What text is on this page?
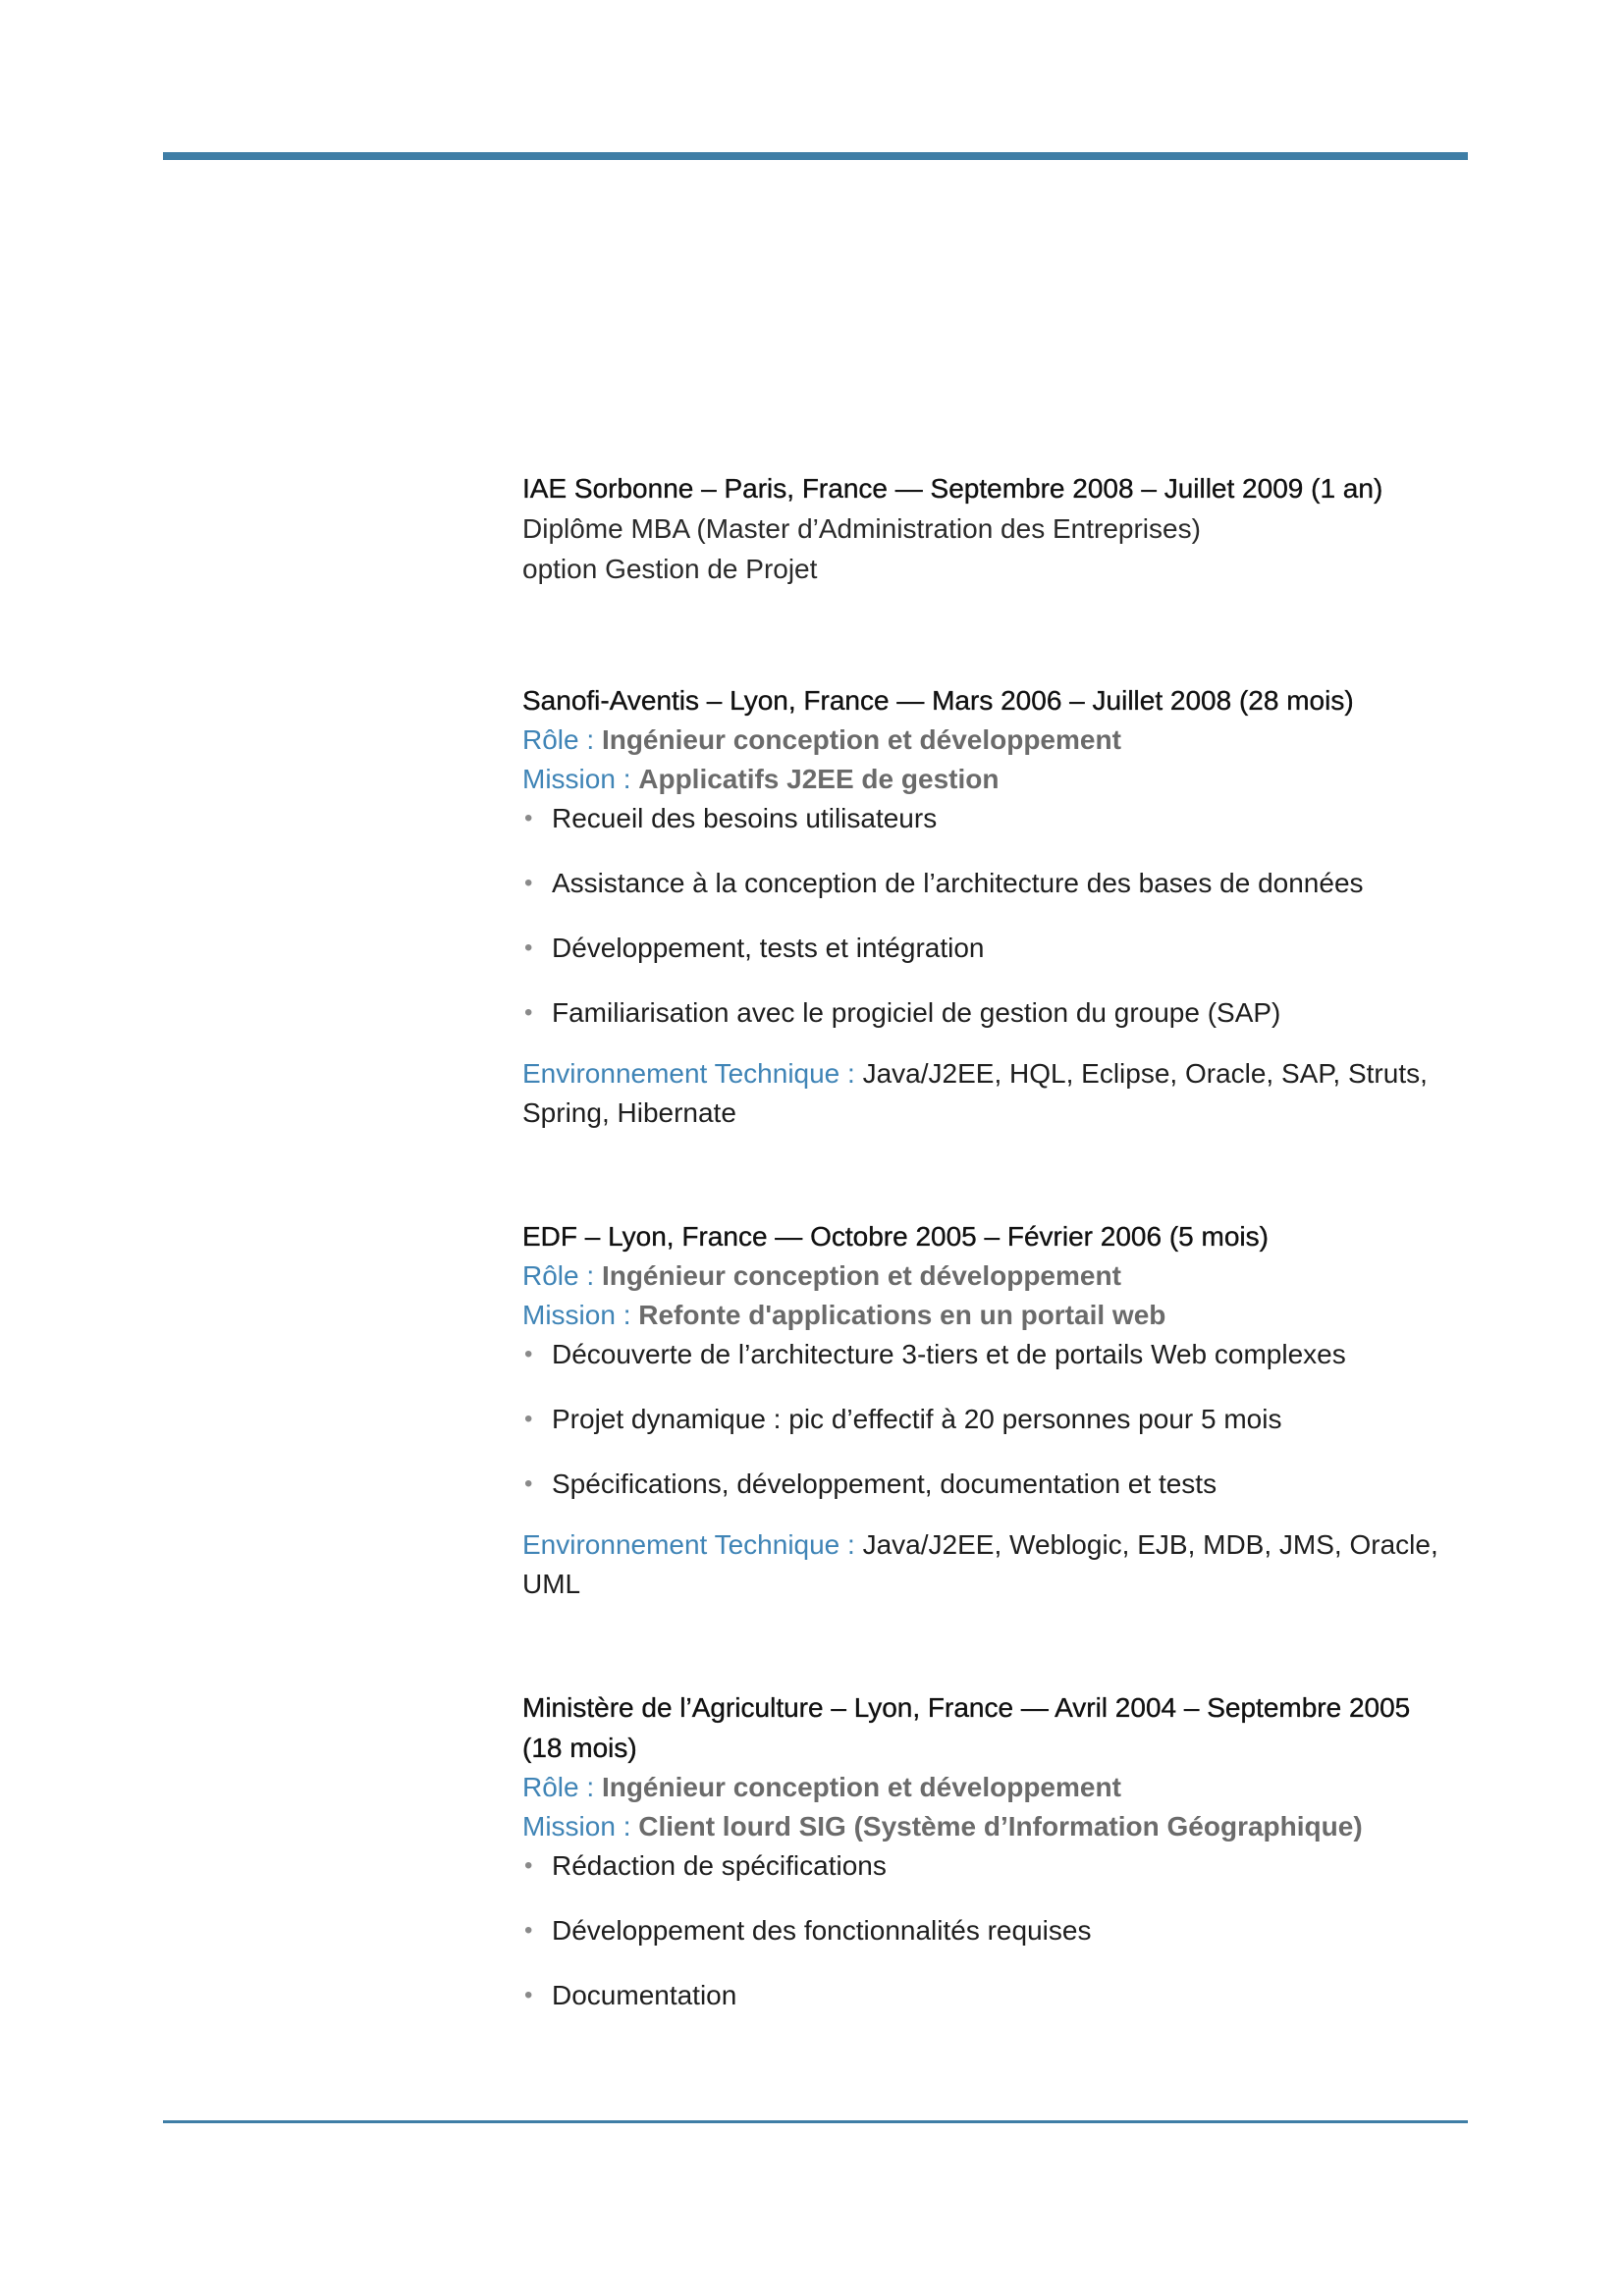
IAE Sorbonne – Paris, France — Septembre 2008 – Juillet 2009 (1 an)
Diplôme MBA (Master d’Administration des Entreprises)
option Gestion de Projet
Sanofi-Aventis – Lyon, France — Mars 2006 – Juillet 2008 (28 mois)
Rôle : Ingénieur conception et développement
Mission : Applicatifs J2EE de gestion
• Recueil des besoins utilisateurs
• Assistance à la conception de l’architecture des bases de données
• Développement, tests et intégration
• Familiarisation avec le progiciel de gestion du groupe (SAP)
Environnement Technique : Java/J2EE, HQL, Eclipse, Oracle, SAP, Struts, Spring, Hibernate
EDF – Lyon, France — Octobre 2005 – Février 2006 (5 mois)
Rôle : Ingénieur conception et développement
Mission : Refonte d'applications en un portail web
• Découverte de l’architecture 3-tiers et de portails Web complexes
• Projet dynamique : pic d’effectif à 20 personnes pour 5 mois
• Spécifications, développement, documentation et tests
Environnement Technique : Java/J2EE, Weblogic, EJB, MDB, JMS, Oracle, UML
Ministère de l’Agriculture – Lyon, France — Avril 2004 – Septembre 2005 (18 mois)
Rôle : Ingénieur conception et développement
Mission : Client lourd SIG (Système d’Information Géographique)
• Rédaction de spécifications
• Développement des fonctionnalités requises
• Documentation
